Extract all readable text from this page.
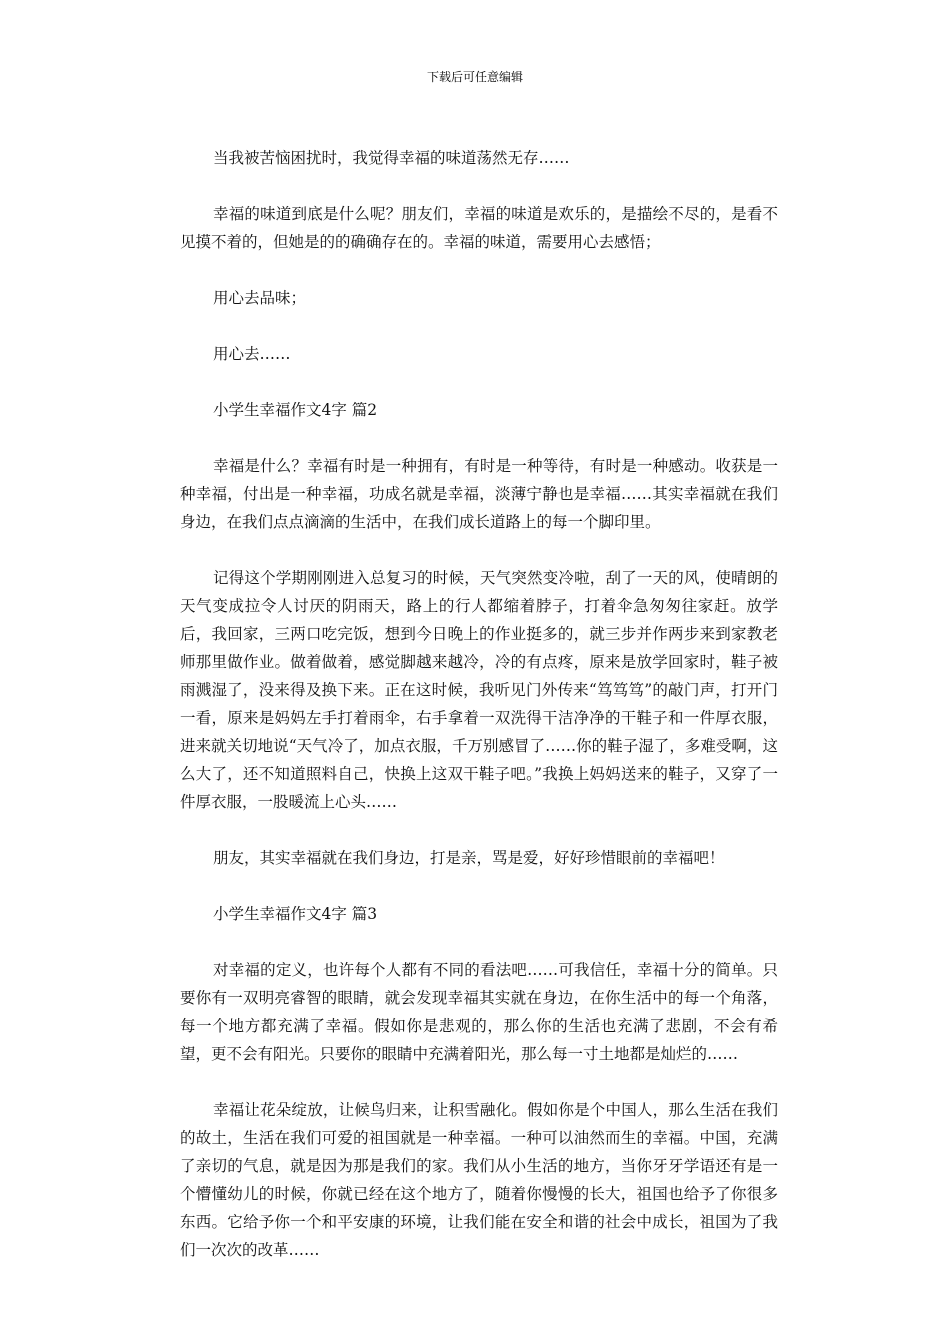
下载后可任意编辑

当我被苦恼困扰时，我觉得幸福的味道荡然无存……

幸福的味道到底是什么呢？朋友们，幸福的味道是欢乐的，是描绘不尽的，是看不见摸不着的，但她是的的确确存在的。幸福的味道，需要用心去感悟；

用心去品味；

用心去……

小学生幸福作文4字 篇2

幸福是什么？幸福有时是一种拥有，有时是一种等待，有时是一种感动。收获是一种幸福，付出是一种幸福，功成名就是幸福，淡薄宁静也是幸福……其实幸福就在我们身边，在我们点点滴滴的生活中，在我们成长道路上的每一个脚印里。

记得这个学期刚刚进入总复习的时候，天气突然变冷啦，刮了一天的风，使晴朗的天气变成拉令人讨厌的阴雨天，路上的行人都缩着脖子，打着伞急匆匆往家赶。放学后，我回家，三两口吃完饭，想到今日晚上的作业挺多的，就三步并作两步来到家教老师那里做作业。做着做着，感觉脚越来越冷，冷的有点疼，原来是放学回家时，鞋子被雨溅湿了，没来得及换下来。正在这时候，我听见门外传来“笃笃笃”的敲门声，打开门一看，原来是妈妈左手打着雨伞，右手拿着一双洗得干洁净净的干鞋子和一件厚衣服，进来就关切地说“天气冷了，加点衣服，千万别感冒了……你的鞋子湿了，多难受啊，这么大了，还不知道照料自己，快换上这双干鞋子吧。”我换上妈妈送来的鞋子，又穿了一件厚衣服，一股暖流上心头……

朋友，其实幸福就在我们身边，打是亲，骂是爱，好好珍惜眼前的幸福吧！

小学生幸福作文4字 篇3

对幸福的定义，也许每个人都有不同的看法吧……可我信任，幸福十分的简单。只要你有一双明亮睿智的眼睛，就会发现幸福其实就在身边，在你生活中的每一个角落，每一个地方都充满了幸福。假如你是悲观的，那么你的生活也充满了悲剧，不会有希望，更不会有阳光。只要你的眼睛中充满着阳光，那么每一寸土地都是灿烂的……

幸福让花朵绽放，让候鸟归来，让积雪融化。假如你是个中国人，那么生活在我们的故土，生活在我们可爱的祖国就是一种幸福。一种可以油然而生的幸福。中国，充满了亲切的气息，就是因为那是我们的家。我们从小生活的地方，当你牙牙学语还有是一个懵懂幼儿的时候，你就已经在这个地方了，随着你慢慢的长大，祖国也给予了你很多东西。它给予你一个和平安康的环境，让我们能在安全和谐的社会中成长，祖国为了我们一次次的改革……
